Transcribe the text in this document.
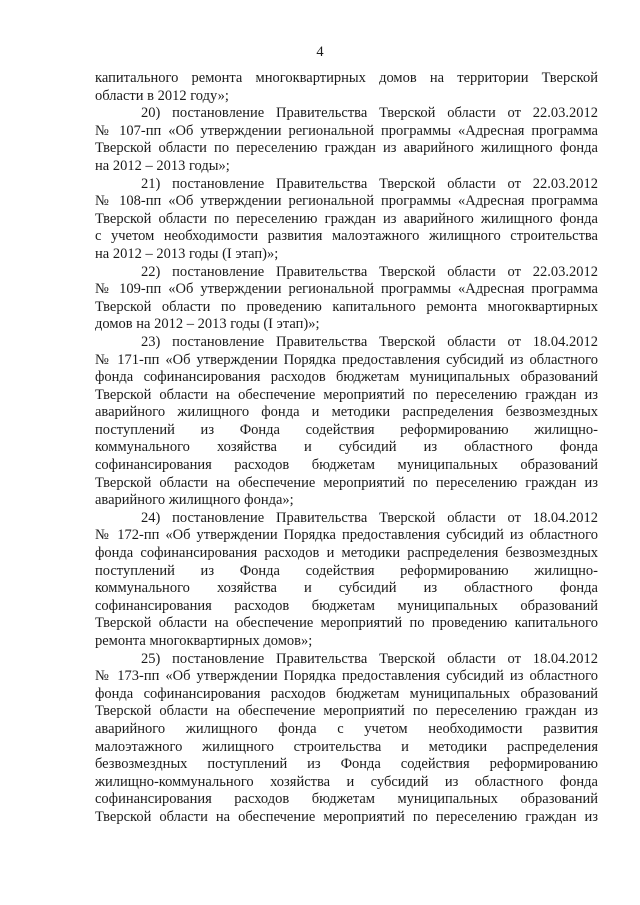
4
капитального ремонта многоквартирных домов на территории Тверской
области в 2012 году»;
20) постановление Правительства Тверской области от 22.03.2012
№ 107-пп «Об утверждении региональной программы «Адресная программа
Тверской области по переселению граждан из аварийного жилищного фонда
на 2012 – 2013 годы»;
21) постановление Правительства Тверской области от 22.03.2012
№ 108-пп «Об утверждении региональной программы «Адресная программа
Тверской области по переселению граждан из аварийного жилищного фонда
с учетом необходимости развития малоэтажного жилищного строительства
на 2012 – 2013 годы (I этап)»;
22) постановление Правительства Тверской области от 22.03.2012
№ 109-пп «Об утверждении региональной программы «Адресная программа
Тверской области по проведению капитального ремонта многоквартирных
домов на 2012 – 2013 годы (I этап)»;
23) постановление Правительства Тверской области от 18.04.2012
№ 171-пп «Об утверждении Порядка предоставления субсидий из областного
фонда софинансирования расходов бюджетам муниципальных образований
Тверской области на обеспечение мероприятий по переселению граждан из
аварийного жилищного фонда и методики распределения безвозмездных
поступлений из Фонда содействия реформированию жилищно-
коммунального хозяйства и субсидий из областного фонда
софинансирования расходов бюджетам муниципальных образований
Тверской области на обеспечение мероприятий по переселению граждан из
аварийного жилищного фонда»;
24) постановление Правительства Тверской области от 18.04.2012
№ 172-пп «Об утверждении Порядка предоставления субсидий из областного
фонда софинансирования расходов и методики распределения безвозмездных
поступлений из Фонда содействия реформированию жилищно-
коммунального хозяйства и субсидий из областного фонда
софинансирования расходов бюджетам муниципальных образований
Тверской области на обеспечение мероприятий по проведению капитального
ремонта многоквартирных домов»;
25) постановление Правительства Тверской области от 18.04.2012
№ 173-пп «Об утверждении Порядка предоставления субсидий из областного
фонда софинансирования расходов бюджетам муниципальных образований
Тверской области на обеспечение мероприятий по переселению граждан из
аварийного жилищного фонда с учетом необходимости развития
малоэтажного жилищного строительства и методики распределения
безвозмездных поступлений из Фонда содействия реформированию
жилищно-коммунального хозяйства и субсидий из областного фонда
софинансирования расходов бюджетам муниципальных образований
Тверской области на обеспечение мероприятий по переселению граждан из
